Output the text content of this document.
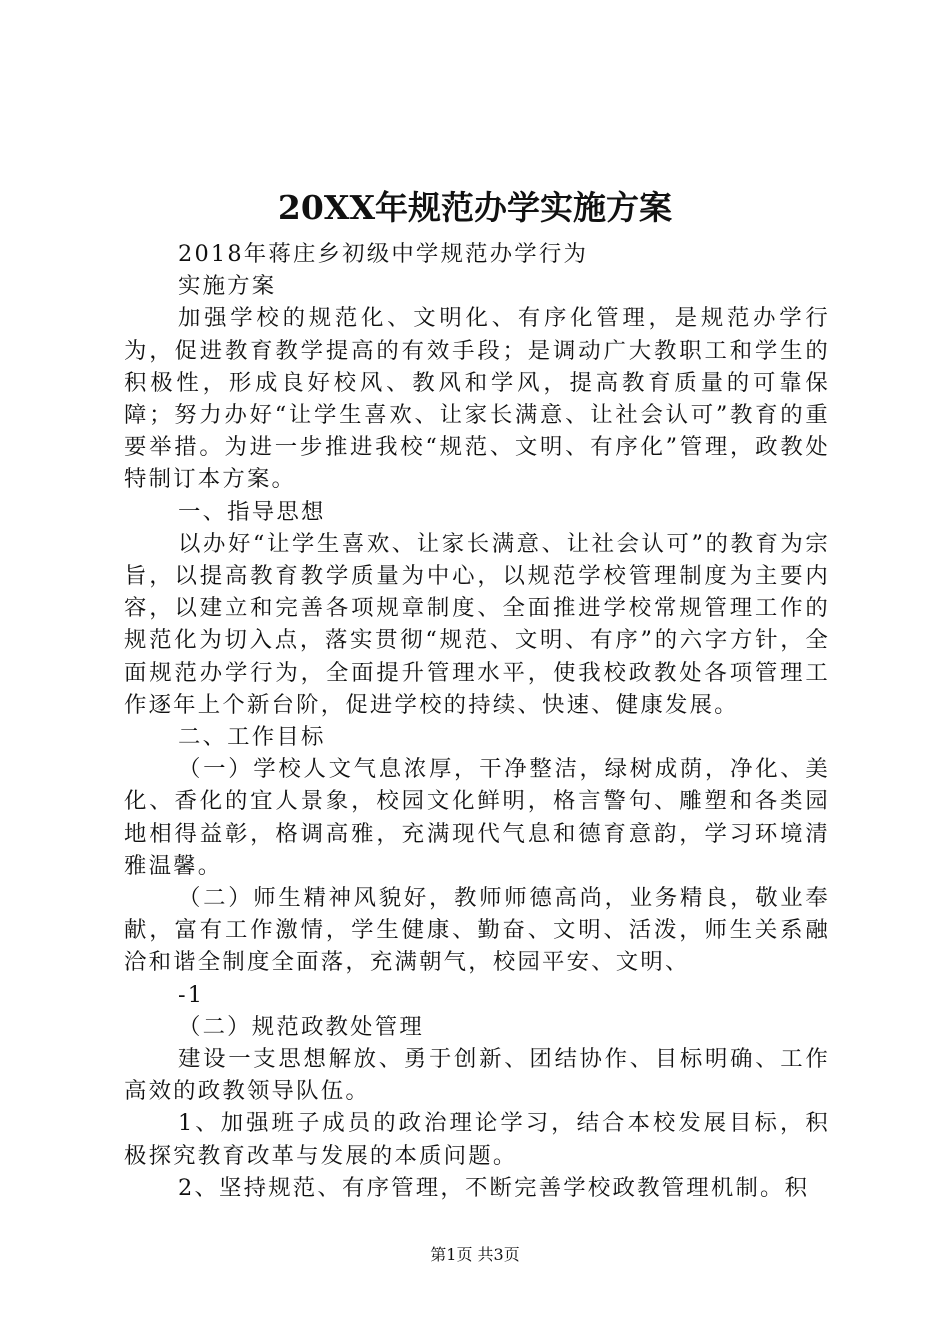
20XX年规范办学实施方案

2018年蒋庄乡初级中学规范办学行为

实施方案

加强学校的规范化、文明化、有序化管理，是规范办学行为，促进教育教学提高的有效手段；是调动广大教职工和学生的积极性，形成良好校风、教风和学风，提高教育质量的可靠保障；努力办好“让学生喜欢、让家长满意、让社会认可”教育的重要举措。为进一步推进我校“规范、文明、有序化”管理，政教处特制订本方案。

一、指导思想

以办好“让学生喜欢、让家长满意、让社会认可”的教育为宗旨，以提高教育教学质量为中心，以规范学校管理制度为主要内容，以建立和完善各项规章制度、全面推进学校常规管理工作的规范化为切入点，落实贯彻“规范、文明、有序”的六字方针，全面规范办学行为，全面提升管理水平，使我校政教处各项管理工作逐年上个新台阶，促进学校的持续、快速、健康发展。

二、工作目标

（一）学校人文气息浓厚，干净整洁，绿树成荫，净化、美化、香化的宜人景象，校园文化鲜明，格言警句、雕塑和各类园地相得益彰，格调高雅，充满现代气息和德育意韵，学习环境清雅温馨。

（二）师生精神风貌好，教师师德高尚，业务精良，敬业奉献，富有工作激情，学生健康、勤奋、文明、活泼，师生关系融洽和谐全制度全面落，充满朝气，校园平安、文明、

-1

（二）规范政教处管理

建设一支思想解放、勇于创新、团结协作、目标明确、工作高效的政教领导队伍。

1、加强班子成员的政治理论学习，结合本校发展目标，积极探究教育改革与发展的本质问题。

2、坚持规范、有序管理，不断完善学校政教管理机制。积

第1页 共3页
